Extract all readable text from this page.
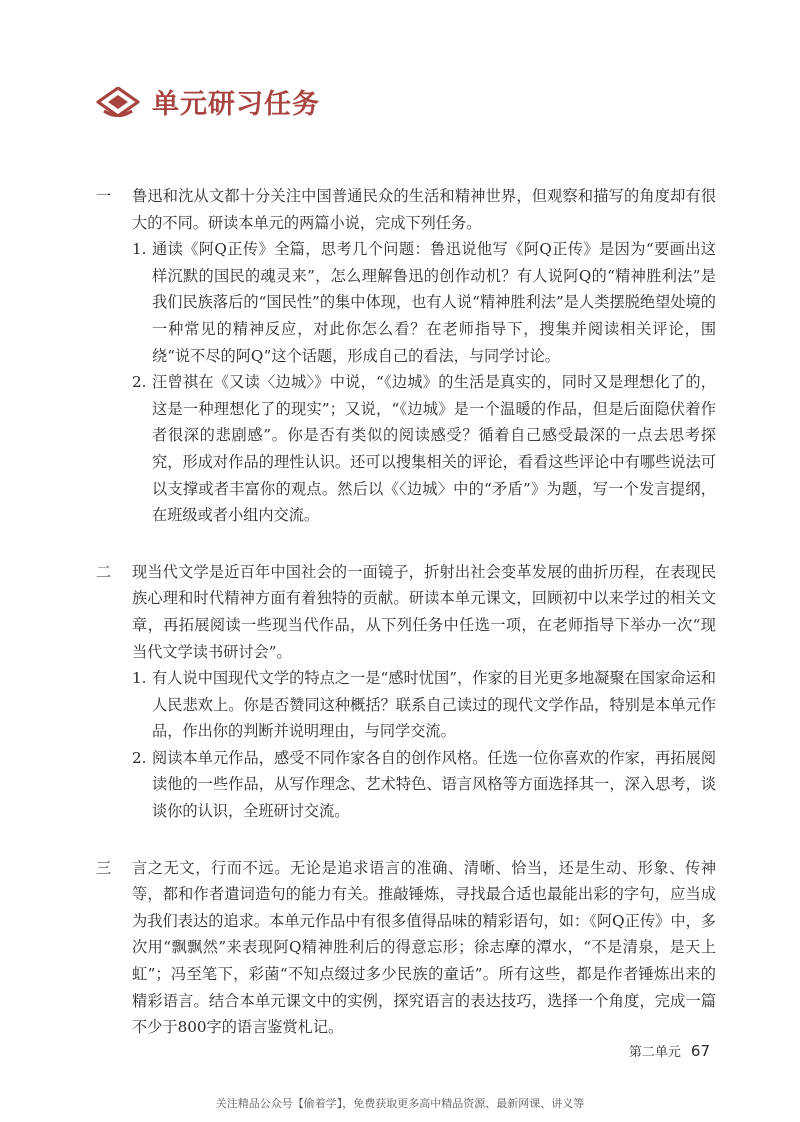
单元研习任务
一	鲁迅和沈从文都十分关注中国普通民众的生活和精神世界，但观察和描写的角度却有很大的不同。研读本单元的两篇小说，完成下列任务。

1. 通读《阿Q正传》全篇，思考几个问题：鲁迅说他写《阿Q正传》是因为“要画出这样沉默的国民的魂灵来”，怎么理解鲁迅的创作动机？有人说阿Q的“精神胜利法”是我们民族落后的“国民性”的集中体现，也有人说“精神胜利法”是人类摆脱绝望处境的一种常见的精神反应，对此你怎么看？在老师指导下，搜集并阅读相关评论，围绕“说不尽的阿Q”这个话题，形成自己的看法，与同学讨论。
2. 汪曾祺在《又读〈边城〉》中说，“《边城》的生活是真实的，同时又是理想化了的，这是一种理想化了的现实”；又说，“《边城》是一个温暖的作品，但是后面隐伏着作者很深的悲剧感”。你是否有类似的阅读感受？循着自己感受最深的一点去思考探究，形成对作品的理性认识。还可以搜集相关的评论，看看这些评论中有哪些说法可以支撑或者丰富你的观点。然后以《〈边城〉中的“矛盾”》为题，写一个发言提纲，在班级或者小组内交流。
二	现当代文学是近百年中国社会的一面镜子，折射出社会变革发展的曲折历程，在表现民族心理和时代精神方面有着独特的贡献。研读本单元课文，回顾初中以来学过的相关文章，再拓展阅读一些现当代作品，从下列任务中任选一项，在老师指导下举办一次“现当代文学读书研讨会”。

1. 有人说中国现代文学的特点之一是“感时忧国”，作家的目光更多地凝聚在国家命运和人民悲欢上。你是否赞同这种概括？联系自己读过的现代文学作品，特别是本单元作品，作出你的判断并说明理由，与同学交流。
2. 阅读本单元作品，感受不同作家各自的创作风格。任选一位你喜欢的作家，再拓展阅读他的一些作品，从写作理念、艺术特色、语言风格等方面选择其一，深入思考，谈谈你的认识，全班研讨交流。
三	言之无文，行而不远。无论是追求语言的准确、清晰、恰当，还是生动、形象、传神等，都和作者遣词造句的能力有关。推敲锤炼，寻找最合适也最能出彩的字句，应当成为我们表达的追求。本单元作品中有很多值得品味的精彩语句，如：《阿Q正传》中，多次用“飘飘然”来表现阿Q精神胜利后的得意忘形；徐志摩的潭水，“不是清泉，是天上虹”；冯至笔下，彩菌“不知点缀过多少民族的童话”。所有这些，都是作者锤炼出来的精彩语言。结合本单元课文中的实例，探究语言的表达技巧，选择一个角度，完成一篇不少于800字的语言鉴赏札记。

第二单元 67
关注精品公众号【偷着学】，免费获取更多高中精品资源、最新网课、讲义等
